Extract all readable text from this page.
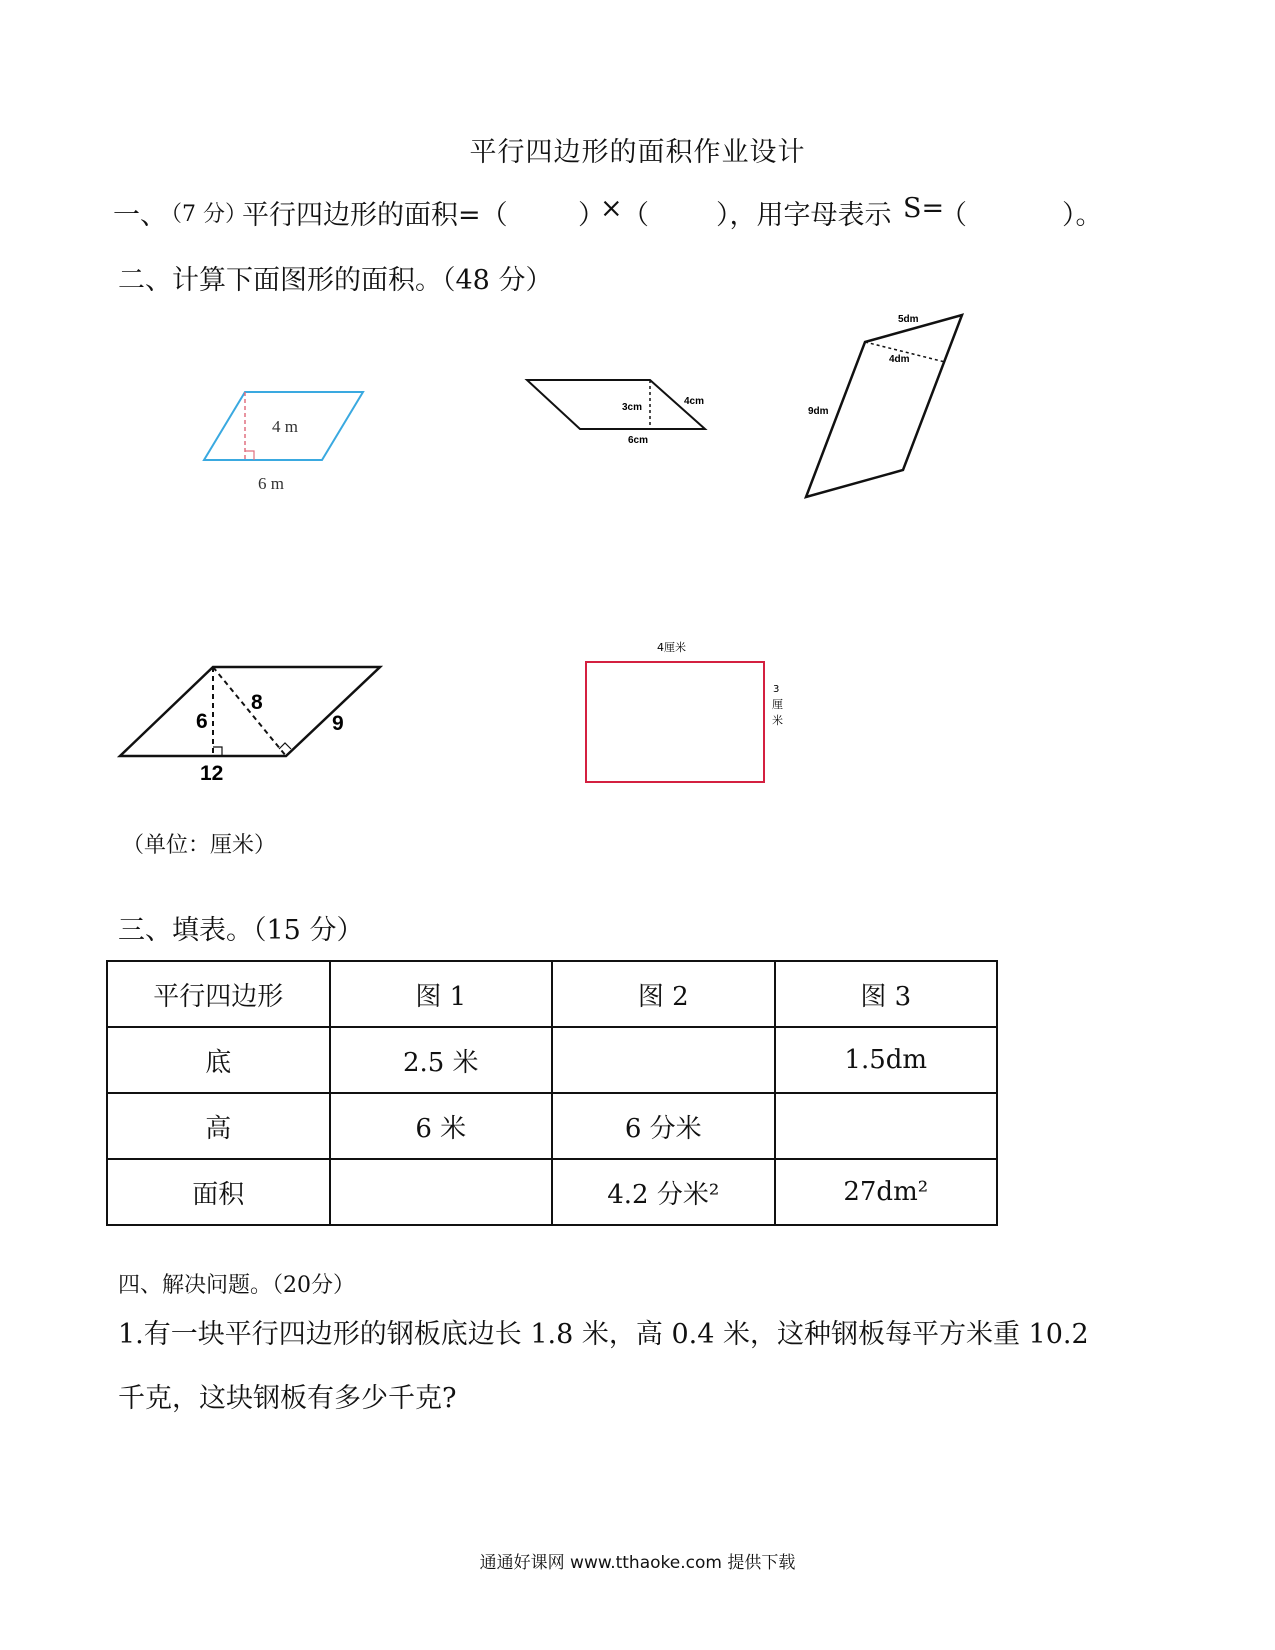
平行四边形的面积作业设计
一、
（7 分）
平行四边形的面积=（	）
× （ ），用字母表示 S=
（	）。
二、计算下面图形的面积。（48 分）
4 m
6 m
3cm
4cm
6cm
5dm
4dm
9dm
6
8
9
12
4厘米
3
厘
米
（单位：厘米）
三、填表。（15 分）
平行四边形	图 1	图 2	图 3
底	2.5 米		1.5dm
高	6 米	6 分米	
面积		4.2 分米²	27dm²
四、解决问题。（20分）
1.有一块平行四边形的钢板底边长 1.8 米，高 0.4 米，这种钢板每平方米重 10.2
千克，这块钢板有多少千克?
通通好课网 www.tthaoke.com 提供下载
